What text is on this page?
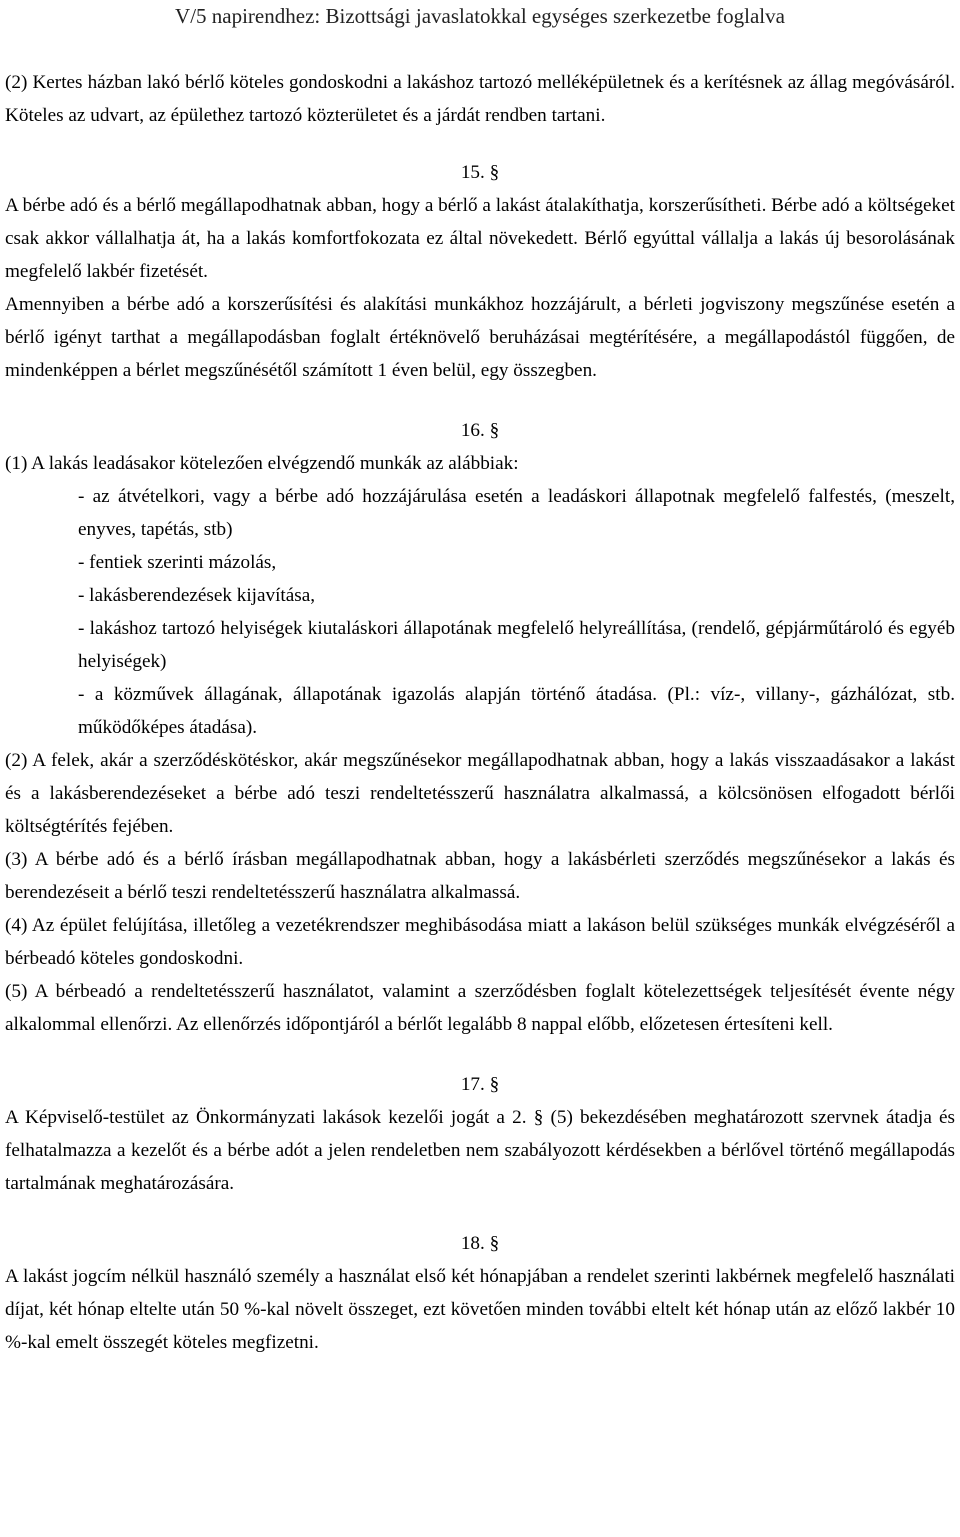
V/5 napirendhez: Bizottsági javaslatokkal egységes szerkezetbe foglalva

(2) Kertes házban lakó bérlő köteles gondoskodni a lakáshoz tartozó melléképületnek és a kerítésnek az állag megóvásáról. Köteles az udvart, az épülethez tartozó közterületet és a járdát rendben tartani.

15. §

A bérbe adó és a bérlő megállapodhatnak abban, hogy a bérlő a lakást átalakíthatja, korszerűsítheti. Bérbe adó a költségeket csak akkor vállalhatja át, ha a lakás komfortfokozata ez által növekedett. Bérlő egyúttal vállalja a lakás új besorolásának megfelelő lakbér fizetését.

Amennyiben a bérbe adó a korszerűsítési és alakítási munkákhoz hozzájárult, a bérleti jogviszony megszűnése esetén a bérlő igényt tarthat a megállapodásban foglalt értéknövelő beruházásai megtérítésére, a megállapodástól függően, de mindenképpen a bérlet megszűnésétől számított 1 éven belül, egy összegben.

16. §

(1) A lakás leadásakor kötelezően elvégzendő munkák az alábbiak:

- az átvételkori, vagy a bérbe adó hozzájárulása esetén a leadáskori állapotnak megfelelő falfestés, (meszelt, enyves, tapétás, stb)

- fentiek szerinti mázolás,

- lakásberendezések kijavítása,

- lakáshoz tartozó helyiségek kiutaláskori állapotának megfelelő helyreállítása, (rendelő, gépjárműtároló és egyéb helyiségek)

- a közművek állagának, állapotának igazolás alapján történő átadása. (Pl.: víz-, villany-, gázhálózat, stb. működőképes átadása).

(2) A felek, akár a szerződéskötéskor, akár megszűnésekor megállapodhatnak abban, hogy a lakás visszaadásakor a lakást és a lakásberendezéseket a bérbe adó teszi rendeltetésszerű használatra alkalmassá, a kölcsönösen elfogadott bérlői költségtérítés fejében.

(3) A bérbe adó és a bérlő írásban megállapodhatnak abban, hogy a lakásbérleti szerződés megszűnésekor a lakás és berendezéseit a bérlő teszi rendeltetésszerű használatra alkalmassá.

(4) Az épület felújítása, illetőleg a vezetékrendszer meghibásodása miatt a lakáson belül szükséges munkák elvégzéséről a bérbeadó köteles gondoskodni.

(5) A bérbeadó a rendeltetésszerű használatot, valamint a szerződésben foglalt kötelezettségek teljesítését évente négy alkalommal ellenőrzi. Az ellenőrzés időpontjáról a bérlőt legalább 8 nappal előbb, előzetesen értesíteni kell.

17. §

A Képviselő-testület az Önkormányzati lakások kezelői jogát a 2. § (5) bekezdésében meghatározott szervnek átadja és felhatalmazza a kezelőt és a bérbe adót a jelen rendeletben nem szabályozott kérdésekben a bérlővel történő megállapodás tartalmának meghatározására.

18. §

A lakást jogcím nélkül használó személy a használat első két hónapjában a rendelet szerinti lakbérnek megfelelő használati díjat, két hónap eltelte után 50 %-kal növelt összeget, ezt követően minden további eltelt két hónap után az előző lakbér 10 %-kal emelt összegét köteles megfizetni.
